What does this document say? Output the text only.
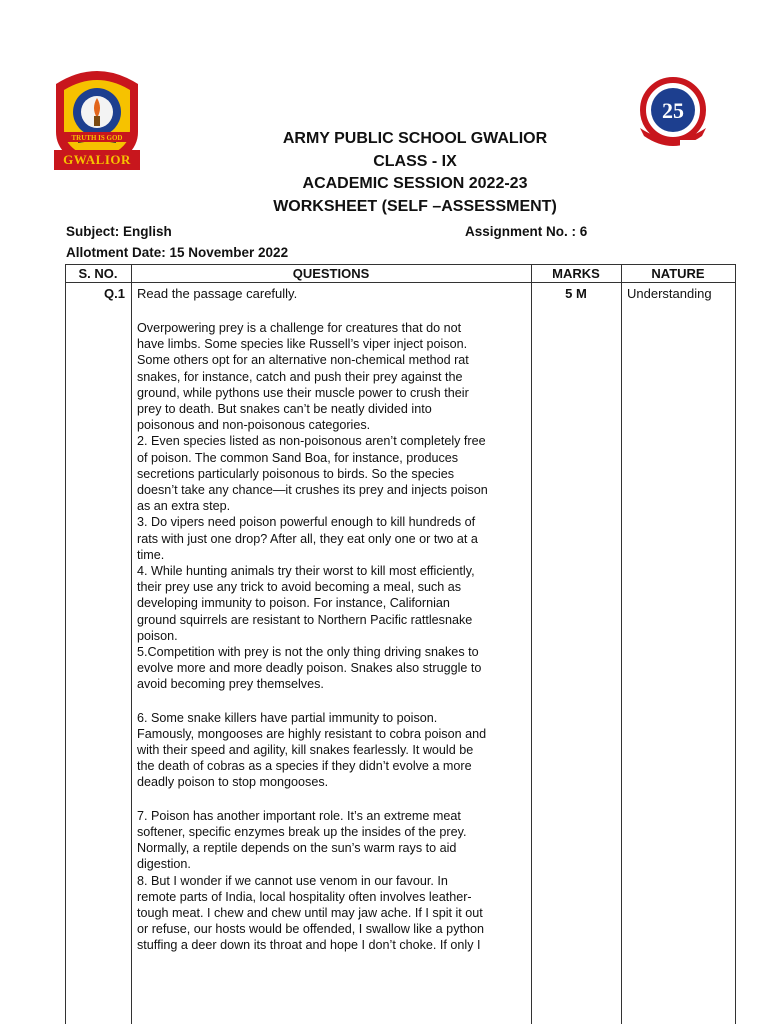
TRUTH IS GOD
GWALIOR
25
ARMY PUBLIC SCHOOL GWALIOR
CLASS - IX
ACADEMIC SESSION 2022-23
WORKSHEET (SELF –ASSESSMENT)
Subject: English	Assignment No. : 6
Allotment Date: 15 November 2022
S. NO.	QUESTIONS	MARKS	NATURE
Q.1 Read the passage carefully.	5 M	Understanding

Overpowering prey is a challenge for creatures that do not

have limbs. Some species like Russell’s viper inject poison.

Some others opt for an alternative non-chemical method rat

snakes, for instance, catch and push their prey against the

ground, while pythons use their muscle power to crush their

prey to death. But snakes can’t be neatly divided into

poisonous and non-poisonous categories.

2. Even species listed as non-poisonous aren’t completely free

of poison. The common Sand Boa, for instance, produces

secretions particularly poisonous to birds. So the species

doesn’t take any chance—it crushes its prey and injects poison

as an extra step.

3. Do vipers need poison powerful enough to kill hundreds of

rats with just one drop? After all, they eat only one or two at a

time.

4. While hunting animals try their worst to kill most efficiently,

their prey use any trick to avoid becoming a meal, such as

developing immunity to poison. For instance, Californian

ground squirrels are resistant to Northern Pacific rattlesnake

poison.

5.Competition with prey is not the only thing driving snakes to

evolve more and more deadly poison. Snakes also struggle to

avoid becoming prey themselves.

6. Some snake killers have partial immunity to poison.

Famously, mongooses are highly resistant to cobra poison and

with their speed and agility, kill snakes fearlessly. It would be

the death of cobras as a species if they didn’t evolve a more

deadly poison to stop mongooses.

7. Poison has another important role. It’s an extreme meat

softener, specific enzymes break up the insides of the prey.

Normally, a reptile depends on the sun’s warm rays to aid

digestion.

8. But I wonder if we cannot use venom in our favour. In

remote parts of India, local hospitality often involves leather-

tough meat. I chew and chew until may jaw ache. If I spit it out

or refuse, our hosts would be offended, I swallow like a python

stuffing a deer down its throat and hope I don’t choke. If only I
